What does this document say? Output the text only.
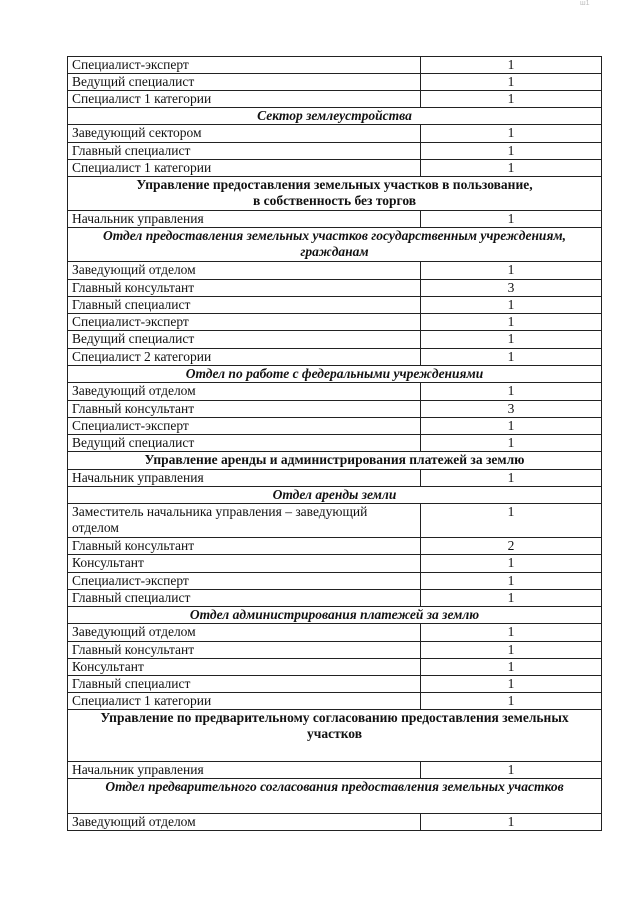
ш1
Специалист-эксперт	1
Ведущий специалист	1
Специалист 1 категории	1
Сектор землеустройства	
Заведующий сектором	1
Главный специалист	1
Специалист 1 категории	1
Управление предоставления земельных участков в пользование,
в собственность без торгов	
Начальник управления	1
Отдел предоставления земельных участков государственным учреждениям,
гражданам	
Заведующий отделом	1
Главный консультант	3
Главный специалист	1
Специалист-эксперт	1
Ведущий специалист	1
Специалист 2 категории	1
Отдел по работе с федеральными учреждениями	
Заведующий отделом	1
Главный консультант	3
Специалист-эксперт	1
Ведущий специалист	1
Управление аренды и администрирования платежей за землю	
Начальник управления	1
Отдел аренды земли	
Заместитель начальника управления – заведующий
отделом	1
Главный консультант	2
Консультант	1
Специалист-эксперт	1
Главный специалист	1
Отдел администрирования платежей за землю	
Заведующий отделом	1
Главный консультант	1
Консультант	1
Главный специалист	1
Специалист 1 категории	1
Управление по предварительному согласованию предоставления земельных
участков	
Начальник управления	1
Отдел предварительного согласования предоставления земельных участков	
Заведующий отделом	1
